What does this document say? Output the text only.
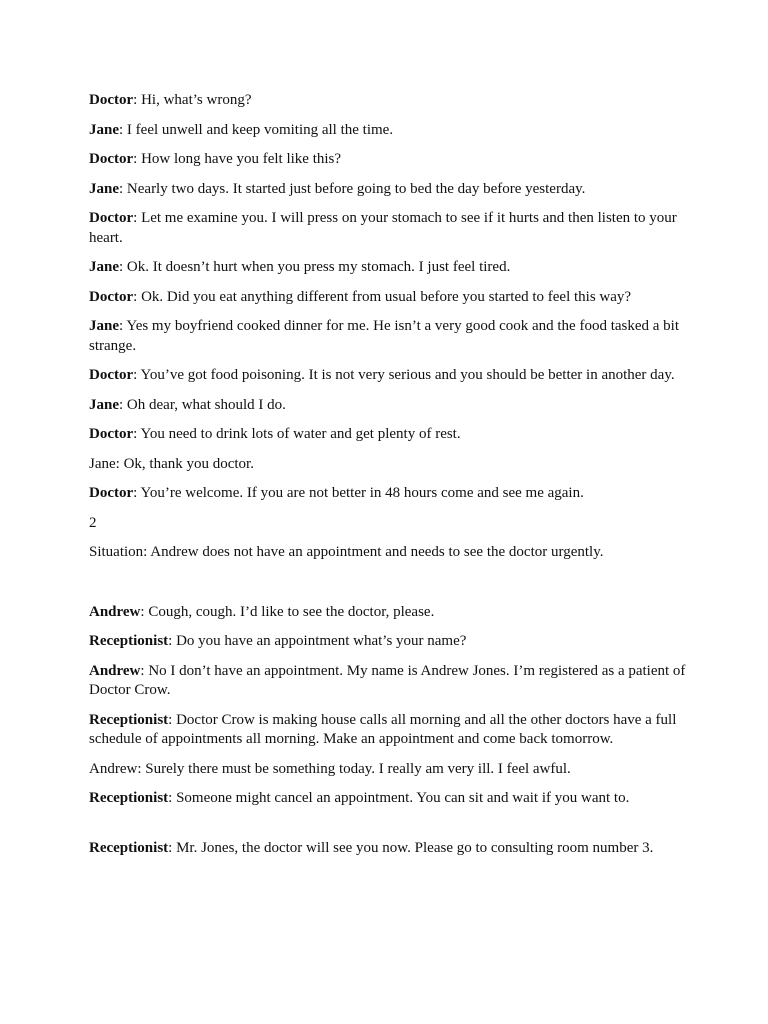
Doctor: Hi, what’s wrong?

Jane: I feel unwell and keep vomiting all the time.

Doctor: How long have you felt like this?

Jane: Nearly two days. It started just before going to bed the day before yesterday.

Doctor: Let me examine you. I will press on your stomach to see if it hurts and then listen to your heart.

Jane: Ok. It doesn’t hurt when you press my stomach. I just feel tired.

Doctor: Ok. Did you eat anything different from usual before you started to feel this way?

Jane: Yes my boyfriend cooked dinner for me. He isn’t a very good cook and the food tasked a bit strange.

Doctor: You’ve got food poisoning. It is not very serious and you should be better in another day.

Jane: Oh dear, what should I do.

Doctor: You need to drink lots of water and get plenty of rest.

Jane: Ok, thank you doctor.

Doctor: You’re welcome. If you are not better in 48 hours come and see me again.

2

Situation: Andrew does not have an appointment and needs to see the doctor urgently.

Andrew: Cough, cough. I’d like to see the doctor, please.

Receptionist: Do you have an appointment what’s your name?

Andrew: No I don’t have an appointment. My name is Andrew Jones. I’m registered as a patient of Doctor Crow.

Receptionist: Doctor Crow is making house calls all morning and all the other doctors have a full schedule of appointments all morning. Make an appointment and come back tomorrow.

Andrew: Surely there must be something today. I really am very ill. I feel awful.

Receptionist: Someone might cancel an appointment. You can sit and wait if you want to.

Receptionist: Mr. Jones, the doctor will see you now. Please go to consulting room number 3.
